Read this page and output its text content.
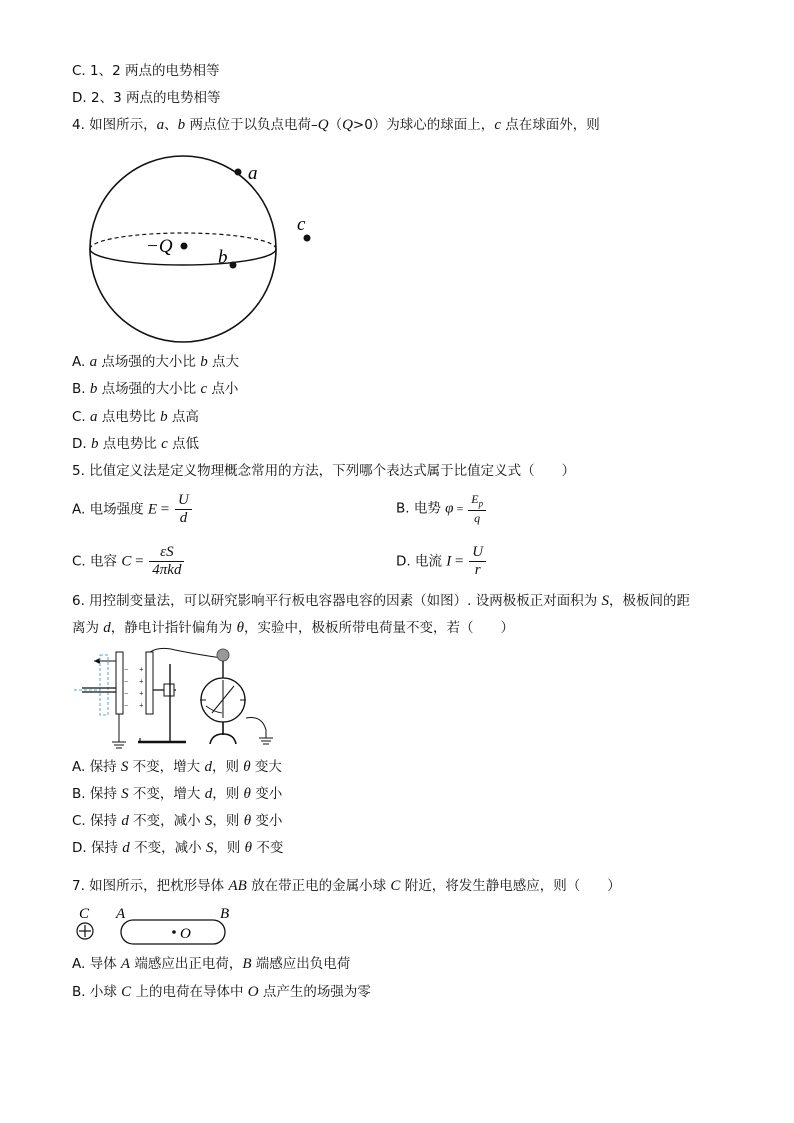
C. 1、2 两点的电势相等
D. 2、3 两点的电势相等
4. 如图所示，a、b 两点位于以负点电荷–Q（Q>0）为球心的球面上，c 点在球面外，则
a
−Q
b
c
−
−
−
−
+
+
+
+
C A	B
O
A. a 点场强的大小比 b 点大
B. b 点场强的大小比 c 点小
C. a 点电势比 b 点高
D. b 点电势比 c 点低
5. 比值定义法是定义物理概念常用的方法，下列哪个表达式属于比值定义式（　　）
A. 电场强度 $E = \frac{U}{d}$	B. 电势 $\varphi = \frac{E_p}{q}$
C. 电容 $C = \frac{\varepsilon S}{\text{4πkd}}$	D. 电流 $I = \frac{U}{r}$
6. 用控制变量法，可以研究影响平行板电容器电容的因素（如图）. 设两极板正对面积为 S，极板间的距
离为 d，静电计指针偏角为 θ，实验中，极板所带电荷量不变，若（　　）
A. 保持 S 不变，增大 d，则 θ 变大
B. 保持 S 不变，增大 d，则 θ 变小
C. 保持 d 不变，减小 S，则 θ 变小
D. 保持 d 不变，减小 S，则 θ 不变
7. 如图所示，把枕形导体 AB 放在带正电的金属小球 C 附近，将发生静电感应，则（　　）
A. 导体 A 端感应出正电荷，B 端感应出负电荷
B. 小球 C 上的电荷在导体中 O 点产生的场强为零
